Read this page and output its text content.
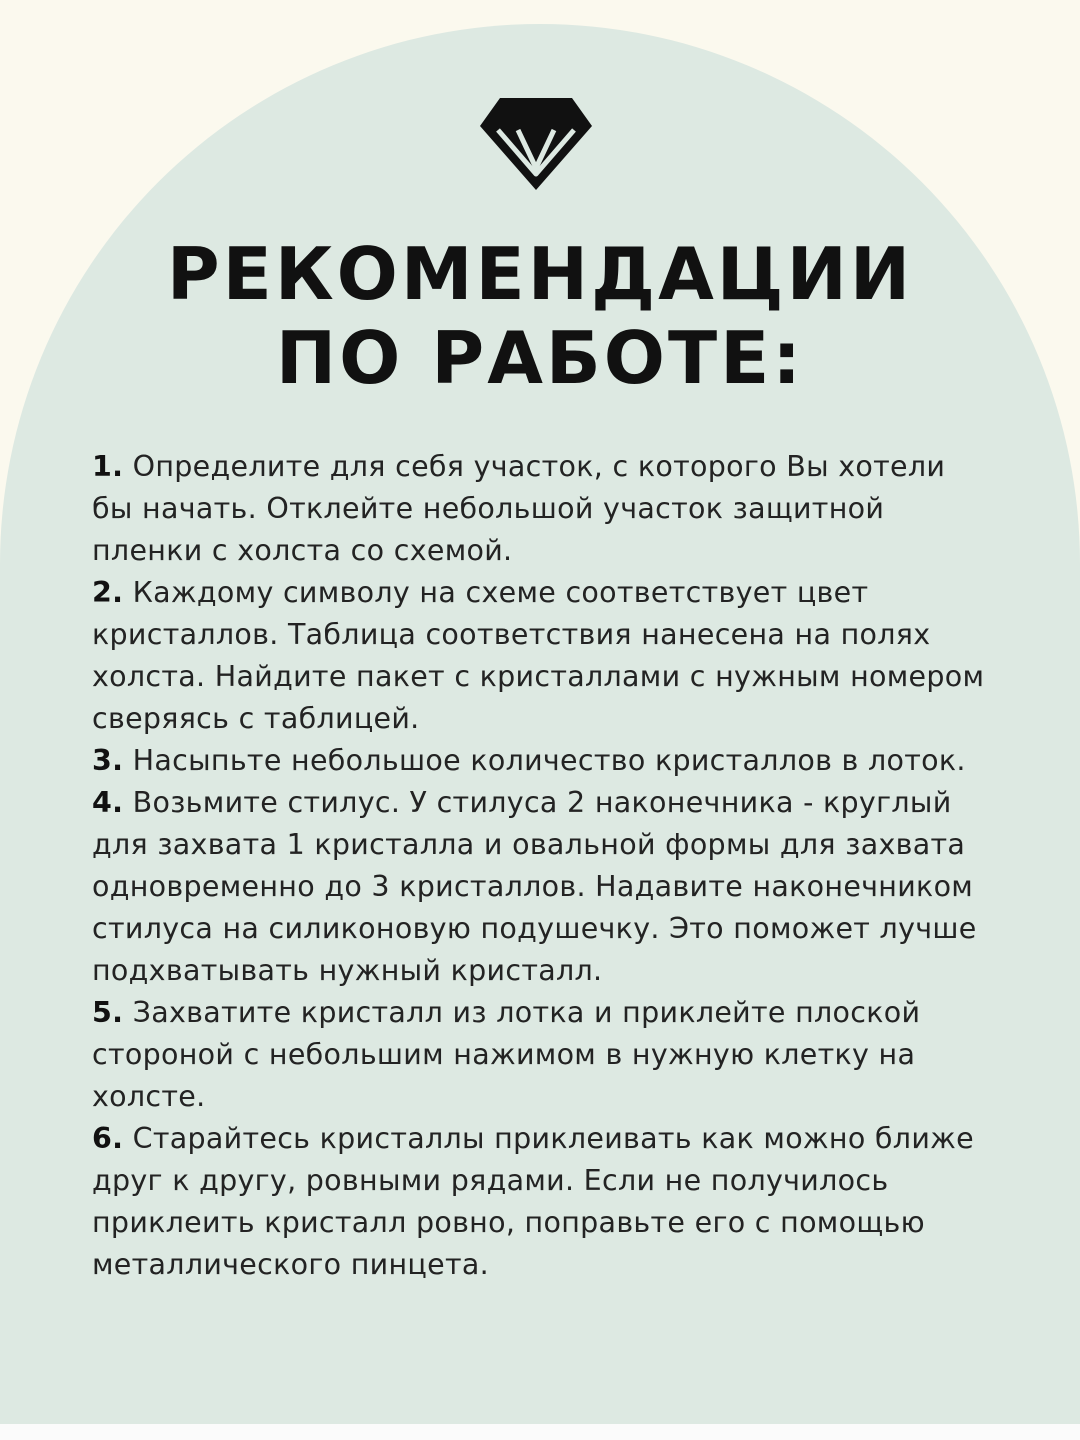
РЕКОМЕНДАЦИИ
ПО РАБОТЕ:

1. Определите для себя участок, с которого Вы хотели бы начать. Отклейте небольшой участок защитной пленки с холста со схемой.

2. Каждому символу на схеме соответствует цвет кристаллов. Таблица соответствия нанесена на полях холста. Найдите пакет с кристаллами с нужным номером сверяясь с таблицей.

3. Насыпьте небольшое количество кристаллов в лоток.

4. Возьмите стилус. У стилуса 2 наконечника - круглый для захвата 1 кристалла и овальной формы для захвата одновременно до 3 кристаллов. Надавите наконечником стилуса на силиконовую подушечку. Это поможет лучше подхватывать нужный кристалл.

5. Захватите кристалл из лотка и приклейте плоской стороной с небольшим нажимом в нужную клетку на холсте.

6. Старайтесь кристаллы приклеивать как можно ближе друг к другу, ровными рядами. Если не получилось приклеить кристалл ровно, поправьте его с помощью металлического пинцета.
